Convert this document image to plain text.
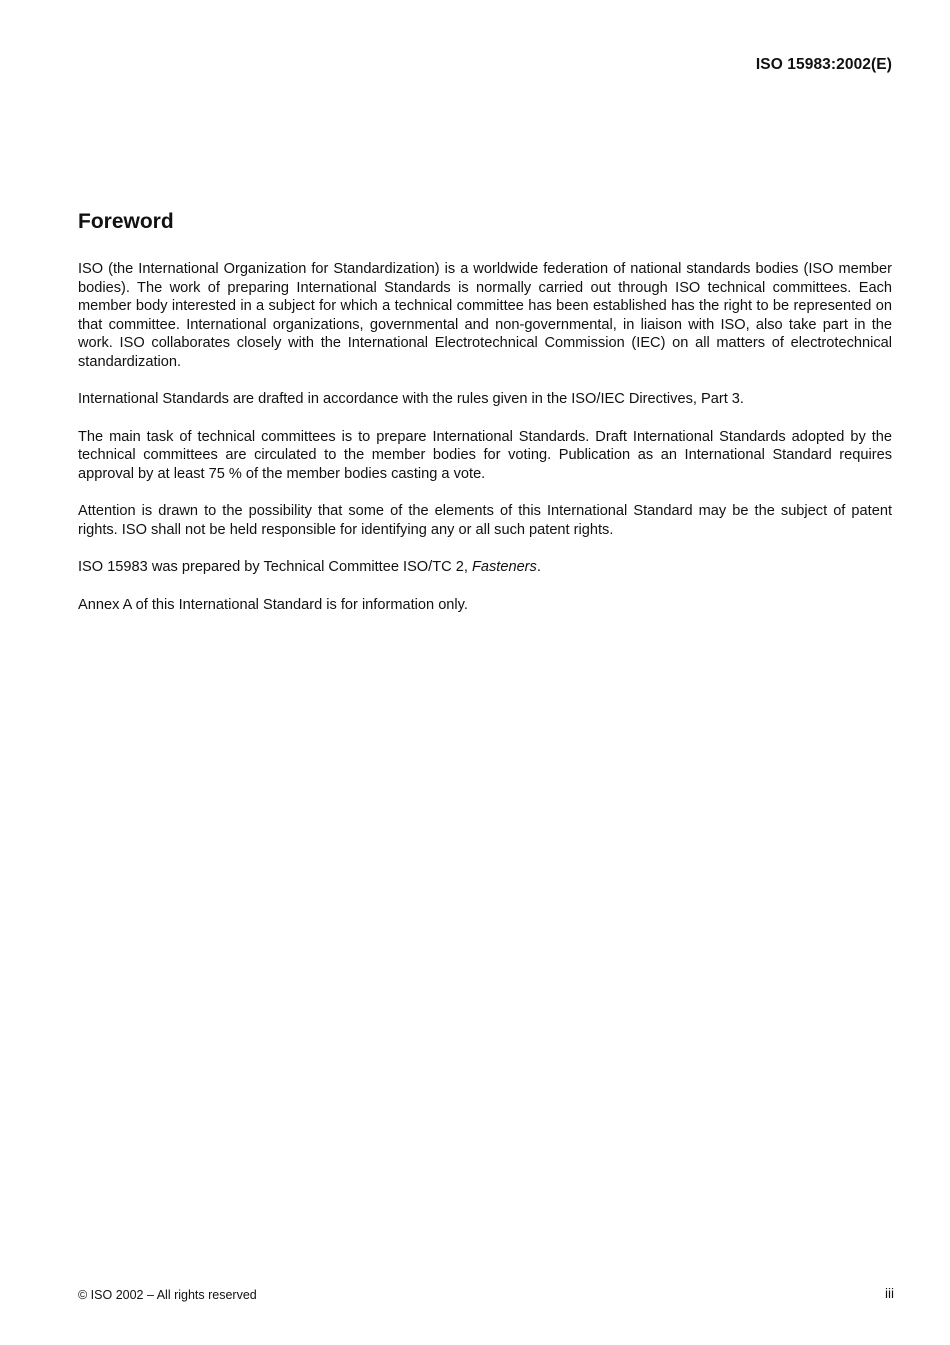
ISO 15983:2002(E)
Foreword

ISO (the International Organization for Standardization) is a worldwide federation of national standards bodies (ISO member bodies). The work of preparing International Standards is normally carried out through ISO technical committees. Each member body interested in a subject for which a technical committee has been established has the right to be represented on that committee. International organizations, governmental and non-governmental, in liaison with ISO, also take part in the work. ISO collaborates closely with the International Electrotechnical Commission (IEC) on all matters of electrotechnical standardization.

International Standards are drafted in accordance with the rules given in the ISO/IEC Directives, Part 3.

The main task of technical committees is to prepare International Standards. Draft International Standards adopted by the technical committees are circulated to the member bodies for voting. Publication as an International Standard requires approval by at least 75 % of the member bodies casting a vote.

Attention is drawn to the possibility that some of the elements of this International Standard may be the subject of patent rights. ISO shall not be held responsible for identifying any or all such patent rights.

ISO 15983 was prepared by Technical Committee ISO/TC 2, Fasteners.

Annex A of this International Standard is for information only.

© ISO 2002 – All rights reserved	iii
